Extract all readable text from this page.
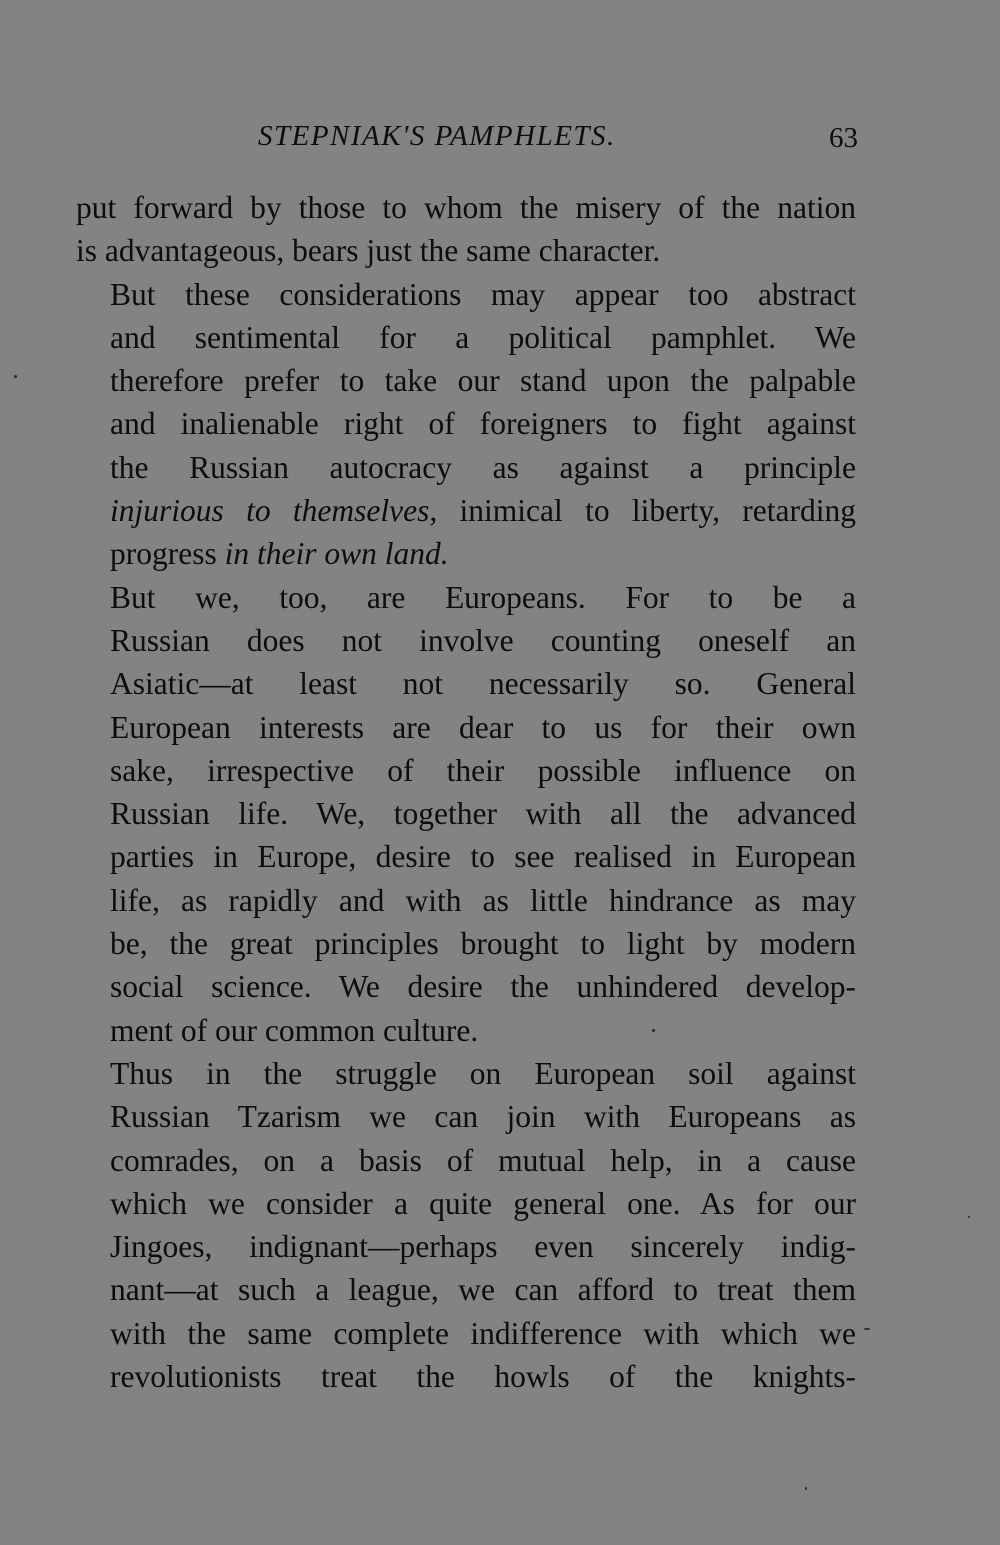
STEPNIAK'S PAMPHLETS.	63

put forward by those to whom the misery of the nation
is advantageous, bears just the same character.

But these considerations may appear too abstract
and sentimental for a political pamphlet. We
therefore prefer to take our stand upon the palpable
and inalienable right of foreigners to fight against
the Russian autocracy as against a principle
injurious to themselves, inimical to liberty, retarding
progress in their own land.

But we, too, are Europeans. For to be a
Russian does not involve counting oneself an
Asiatic—at least not necessarily so. General
European interests are dear to us for their own
sake, irrespective of their possible influence on
Russian life. We, together with all the advanced
parties in Europe, desire to see realised in European
life, as rapidly and with as little hindrance as may
be, the great principles brought to light by modern
social science. We desire the unhindered develop-
ment of our common culture.

Thus in the struggle on European soil against
Russian Tzarism we can join with Europeans as
comrades, on a basis of mutual help, in a cause
which we consider a quite general one. As for our
Jingoes, indignant—perhaps even sincerely indig-
nant—at such a league, we can afford to treat them
with the same complete indifference with which we
revolutionists treat the howls of the knights-
